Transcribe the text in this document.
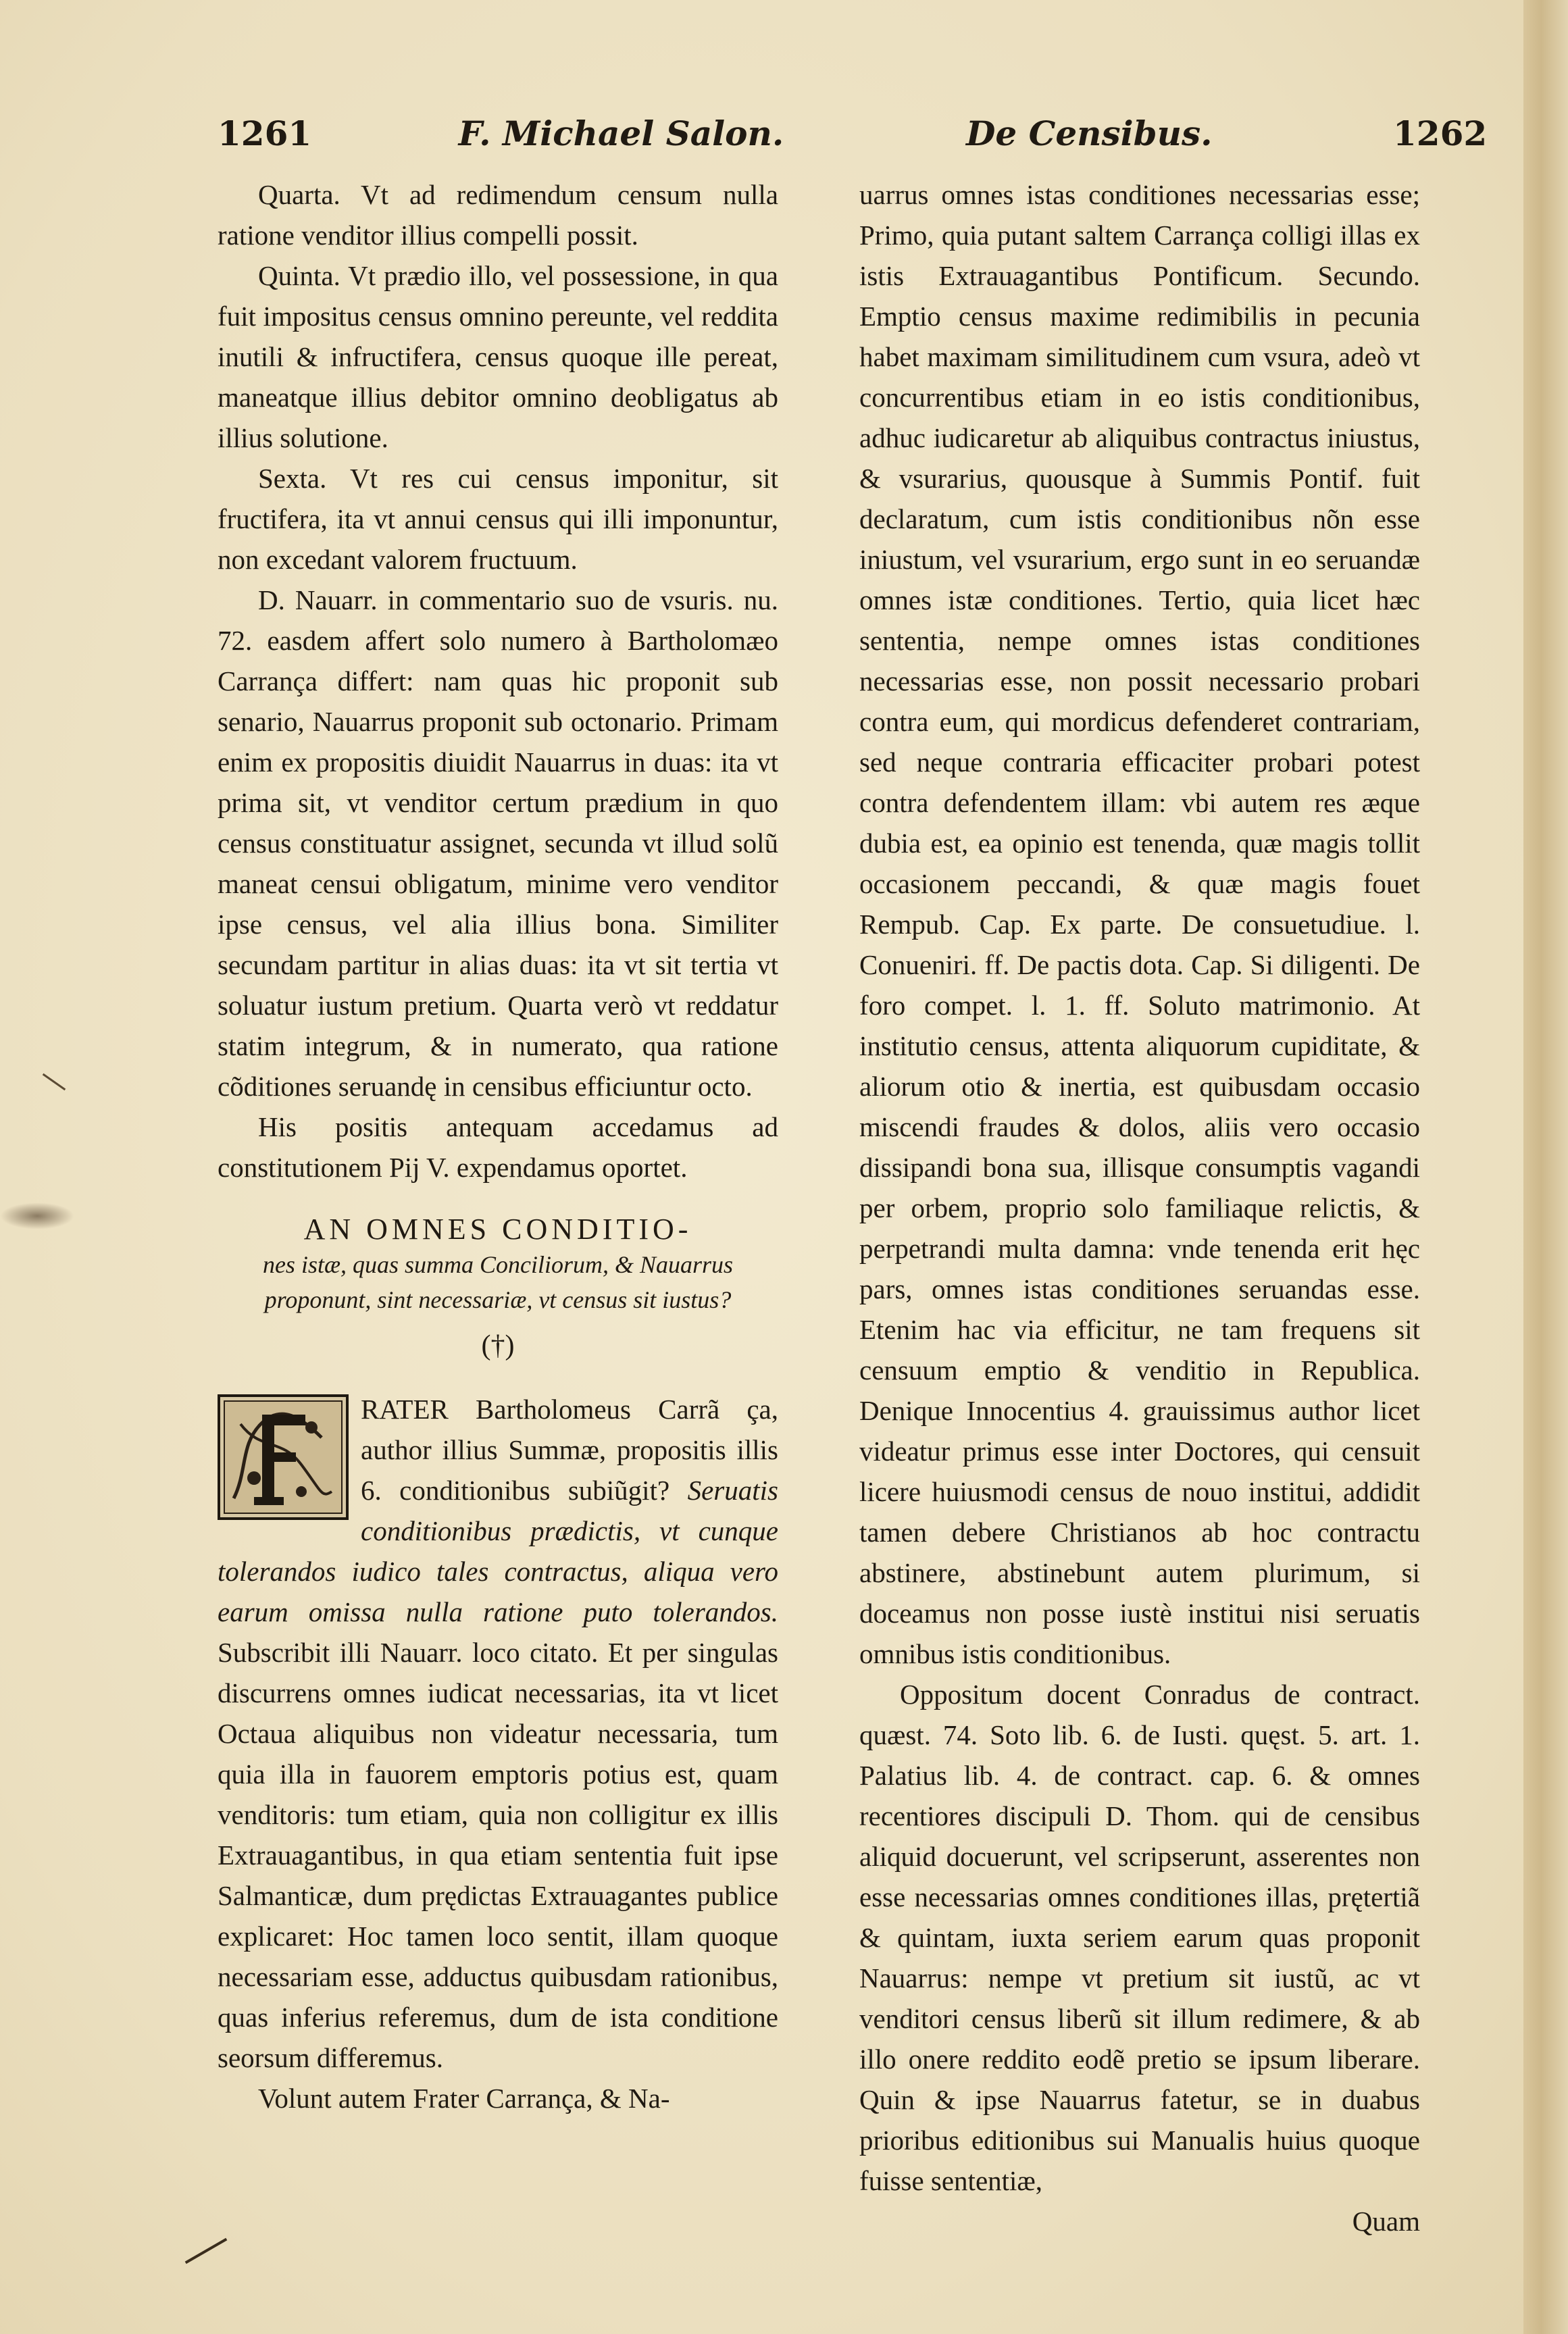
1261	F. Michael Salon.	De Censibus.	1262

Quarta. Vt ad redimendum censum nulla ratione venditor illius compelli possit.

Quinta. Vt prædio illo, vel possessione, in qua fuit impositus census omnino pereunte, vel reddita inutili & infructifera, census quoque ille pereat, maneatque illius debitor omnino deobligatus ab illius solutione.

Sexta. Vt res cui census imponitur, sit fructifera, ita vt annui census qui illi imponuntur, non excedant valorem fructuum.

D. Nauarr. in commentario suo de vsuris. nu. 72. easdem affert solo numero à Bartholomæo Carrança differt: nam quas hic proponit sub senario, Nauarrus proponit sub octonario. Primam enim ex propositis diuidit Nauarrus in duas: ita vt prima sit, vt venditor certum prædium in quo census constituatur assignet, secunda vt illud solũ maneat censui obligatum, minime vero venditor ipse census, vel alia illius bona. Similiter secundam partitur in alias duas: ita vt sit tertia vt soluatur iustum pretium. Quarta verò vt reddatur statim integrum, & in numerato, qua ratione cõditiones seruandę in censibus efficiuntur octo.

His positis antequam accedamus ad constitutionem Pij V. expendamus oportet.

AN OMNES CONDITIO-
nes istæ, quas summa Conciliorum, & Nauarrus proponunt, sint necessariæ, vt census sit iustus?
(†)

RATER Bartholomeus Carrã ça, author illius Summæ, propositis illis 6. conditionibus subiũgit? Seruatis conditionibus prædictis, vt cunque tolerandos iudico tales contractus, aliqua vero earum omissa nulla ratione puto tolerandos. Subscribit illi Nauarr. loco citato. Et per singulas discurrens omnes iudicat necessarias, ita vt licet Octaua aliquibus non videatur necessaria, tum quia illa in fauorem emptoris potius est, quam venditoris: tum etiam, quia non colligitur ex illis Extrauagantibus, in qua etiam sententia fuit ipse Salmanticæ, dum prędictas Extrauagantes publice explicaret: Hoc tamen loco sentit, illam quoque necessariam esse, adductus quibusdam rationibus, quas inferius referemus, dum de ista conditione seorsum differemus.

Volunt autem Frater Carrança, & Na-

uarrus omnes istas conditiones necessarias esse; Primo, quia putant saltem Carrança colligi illas ex istis Extrauagantibus Pontificum. Secundo. Emptio census maxime redimibilis in pecunia habet maximam similitudinem cum vsura, adeò vt concurrentibus etiam in eo istis conditionibus, adhuc iudicaretur ab aliquibus contractus iniustus, & vsurarius, quousque à Summis Pontif. fuit declaratum, cum istis conditionibus nõn esse iniustum, vel vsurarium, ergo sunt in eo seruandæ omnes istæ conditiones. Tertio, quia licet hæc sententia, nempe omnes istas conditiones necessarias esse, non possit necessario probari contra eum, qui mordicus defenderet contrariam, sed neque contraria efficaciter probari potest contra defendentem illam: vbi autem res æque dubia est, ea opinio est tenenda, quæ magis tollit occasionem peccandi, & quæ magis fouet Rempub. Cap. Ex parte. De consuetudiue. l. Conueniri. ff. De pactis dota. Cap. Si diligenti. De foro compet. l. 1. ff. Soluto matrimonio. At institutio census, attenta aliquorum cupiditate, & aliorum otio & inertia, est quibusdam occasio miscendi fraudes & dolos, aliis vero occasio dissipandi bona sua, illisque consumptis vagandi per orbem, proprio solo familiaque relictis, & perpetrandi multa damna: vnde tenenda erit hęc pars, omnes istas conditiones seruandas esse. Etenim hac via efficitur, ne tam frequens sit censuum emptio & venditio in Republica. Denique Innocentius 4. grauissimus author licet videatur primus esse inter Doctores, qui censuit licere huiusmodi census de nouo institui, addidit tamen debere Christianos ab hoc contractu abstinere, abstinebunt autem plurimum, si doceamus non posse iustè institui nisi seruatis omnibus istis conditionibus.

Oppositum docent Conradus de contract. quæst. 74. Soto lib. 6. de Iusti. quęst. 5. art. 1. Palatius lib. 4. de contract. cap. 6. & omnes recentiores discipuli D. Thom. qui de censibus aliquid docuerunt, vel scripserunt, asserentes non esse necessarias omnes conditiones illas, prętertiã & quintam, iuxta seriem earum quas proponit Nauarrus: nempe vt pretium sit iustũ, ac vt venditori census liberũ sit illum redimere, & ab illo onere reddito eodẽ pretio se ipsum liberare. Quin & ipse Nauarrus fatetur, se in duabus prioribus editionibus sui Manualis huius quoque fuisse sententiæ,

Quam
